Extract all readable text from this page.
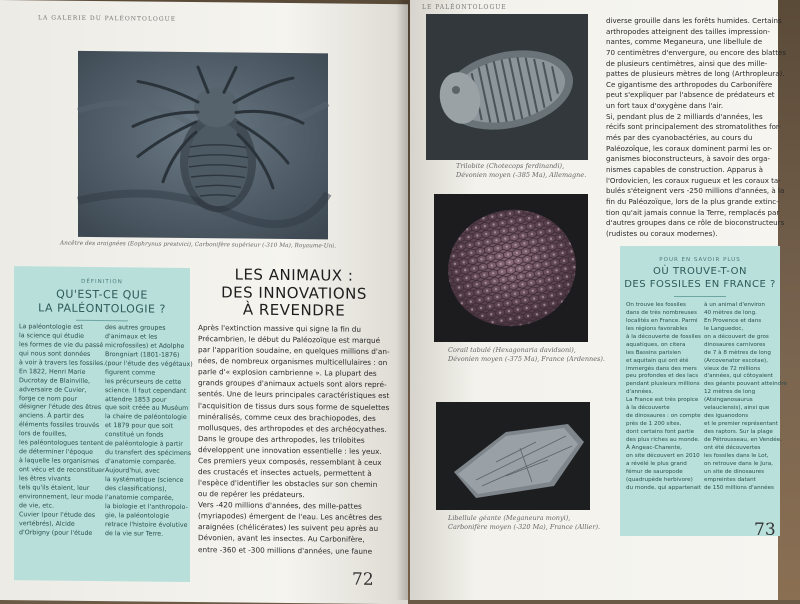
LA GALERIE DU PALÉONTOLOGUE
Ancêtre des araignées (Eophrynus prestvici), Carbonifère supérieur (-310 Ma), Royaume-Uni.
DÉFINITION
QU'EST-CE QUE
LA PALÉONTOLOGIE ?
La paléontologie est
la science qui étudie
les formes de vie du passé
qui nous sont données
à voir à travers les fossiles.
En 1822, Henri Marie
Ducrotay de Blainville,
adversaire de Cuvier,
forge ce nom pour
désigner l'étude des êtres
anciens. À partir des
éléments fossiles trouvés
lors de fouilles,
les paléontologues tentent
de déterminer l'époque
à laquelle les organismes
ont vécu et de reconstituer
les êtres vivants
tels qu'ils étaient, leur
environnement, leur mode
de vie, etc.
Cuvier (pour l'étude des
vertébrés), Alcide
d'Orbigny (pour l'étude
des autres groupes
d'animaux et les
microfossiles) et Adolphe
Brongniart (1801-1876)
(pour l'étude des végétaux)
figurent comme
les précurseurs de cette
science. Il faut cependant
attendre 1853 pour
que soit créée au Muséum
la chaire de paléontologie
et 1879 pour que soit
constitué un fonds
de paléontologie à partir
du transfert des spécimens
d'anatomie comparée.
Aujourd'hui, avec
la systématique (science
des classifications),
l'anatomie comparée,
la biologie et l'anthropolo-
gie, la paléontologie
retrace l'histoire évolutive
de la vie sur Terre.
LES ANIMAUX :
DES INNOVATIONS
À REVENDRE
Après l'extinction massive qui signe la fin du
Précambrien, le début du Paléozoïque est marqué
par l'apparition soudaine, en quelques millions d'an-
nées, de nombreux organismes multicellulaires : on
parle d'« explosion cambrienne ». La plupart des
grands groupes d'animaux actuels sont alors repré-
sentés. Une de leurs principales caractéristiques est
l'acquisition de tissus durs sous forme de squelettes
minéralisés, comme ceux des brachiopodes, des
mollusques, des arthropodes et des archéocyathes.
Dans le groupe des arthropodes, les trilobites
développent une innovation essentielle : les yeux.
Ces premiers yeux composés, ressemblant à ceux
des crustacés et insectes actuels, permettent à
l'espèce d'identifier les obstacles sur son chemin
ou de repérer les prédateurs.
Vers -420 millions d'années, des mille-pattes
(myriapodes) émergent de l'eau. Les ancêtres des
araignées (chélicérates) les suivent peu après au
Dévonien, avant les insectes. Au Carbonifère,
entre -360 et -300 millions d'années, une faune
72
LE PALÉONTOLOGUE
Trilobite (Chotecops ferdinandi),
Dévonien moyen (-385 Ma), Allemagne.
Corail tabulé (Hexagonaria davidsoni),
Dévonien moyen (-375 Ma), France (Ardennes).
Libellule géante (Meganeura monyi),
Carbonifère moyen (-320 Ma), France (Allier).
diverse grouille dans les forêts humides. Certains
arthropodes atteignent des tailles impression-
nantes, comme Meganeura, une libellule de
70 centimètres d'envergure, ou encore des blattes
de plusieurs centimètres, ainsi que des mille-
pattes de plusieurs mètres de long (Arthropleura).
Ce gigantisme des arthropodes du Carbonifère
peut s'expliquer par l'absence de prédateurs et
un fort taux d'oxygène dans l'air.
Si, pendant plus de 2 milliards d'années, les
récifs sont principalement des stromatolithes for-
més par des cyanobactéries, au cours du
Paléozoïque, les coraux dominent parmi les or-
ganismes bioconstructeurs, à savoir des orga-
nismes capables de construction. Apparus à
l'Ordovicien, les coraux rugueux et les coraux ta-
bulés s'éteignent vers -250 millions d'années, à la
fin du Paléozoïque, lors de la plus grande extinc-
tion qu'ait jamais connue la Terre, remplacés par
d'autres groupes dans ce rôle de bioconstructeurs
(rudistes ou coraux modernes).
POUR EN SAVOIR PLUS
OÙ TROUVE-T-ON
DES FOSSILES EN FRANCE ?
On trouve les fossiles
dans de très nombreuses
localités en France. Parmi
les régions favorables
à la découverte de fossiles
aquatiques, on citera
les Bassins parisien
et aquitain qui ont été
immergés dans des mers
peu profondes et des lacs
pendant plusieurs millions
d'années.
La France est très propice
à la découverte
de dinosaures : on compte
près de 1 200 sites,
dont certains font partie
des plus riches au monde.
À Angeac-Charente,
on site découvert en 2010
a révélé le plus grand
fémur de sauropode
(quadrupède herbivore)
du monde, qui appartenait
à un animal d'environ
40 mètres de long.
En Provence et dans
le Languedoc,
on a découvert de gros
dinosaures carnivores
de 7 à 8 mètres de long
(Arcovenator escotae),
vieux de 72 millions
d'années, qui côtoyaient
des géants pouvant atteindre
12 mètres de long
(Atsinganosaurus
velauciensis), ainsi que
des iguanodons
et le premier représentant
des raptors. Sur la plage
de Pétrousseau, en Vendée,
ont été découvertes
les fossiles dans le Lot,
on retrouve dans le Jura,
un site de dinosaures
empreintes datant
de 150 millions d'années
73
